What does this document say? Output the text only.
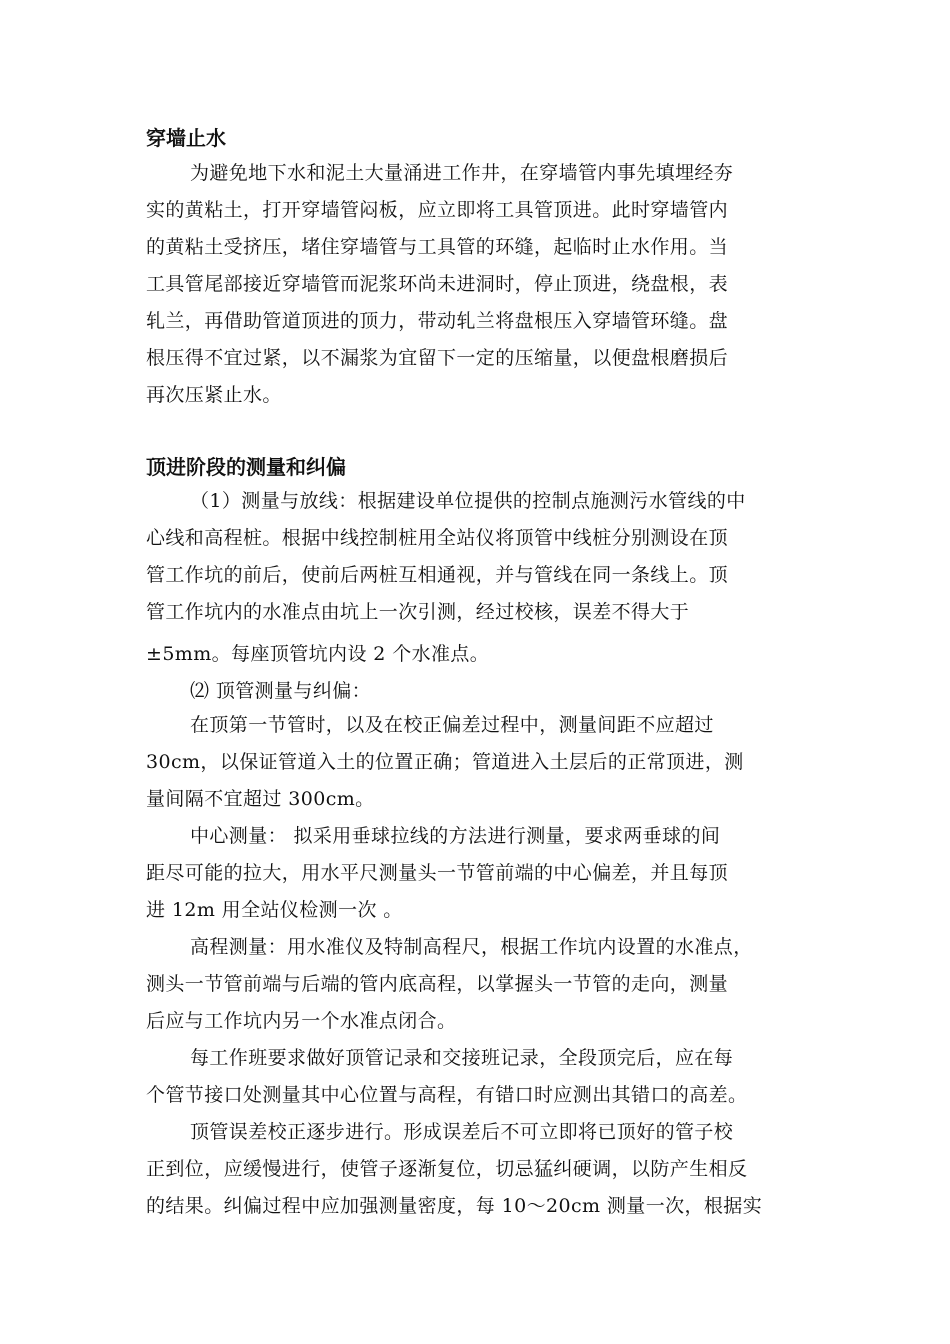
穿墙止水
为避免地下水和泥土大量涌进工作井，在穿墙管内事先填埋经夯
实的黄粘土，打开穿墙管闷板，应立即将工具管顶进。此时穿墙管内
的黄粘土受挤压，堵住穿墙管与工具管的环缝，起临时止水作用。当
工具管尾部接近穿墙管而泥浆环尚未进洞时，停止顶进，绕盘根，表
轧兰，再借助管道顶进的顶力，带动轧兰将盘根压入穿墙管环缝。盘
根压得不宜过紧，以不漏浆为宜留下一定的压缩量，以便盘根磨损后
再次压紧止水。
顶进阶段的测量和纠偏
（1）测量与放线：根据建设单位提供的控制点施测污水管线的中
心线和高程桩。根据中线控制桩用全站仪将顶管中线桩分别测设在顶
管工作坑的前后，使前后两桩互相通视，并与管线在同一条线上。顶
管工作坑内的水准点由坑上一次引测，经过校核，误差不得大于
±5mm。每座顶管坑内设 2 个水准点。
⑵ 顶管测量与纠偏：
在顶第一节管时，以及在校正偏差过程中，测量间距不应超过
30cm，以保证管道入土的位置正确；管道进入土层后的正常顶进，测
量间隔不宜超过 300cm。
中心测量： 拟采用垂球拉线的方法进行测量，要求两垂球的间
距尽可能的拉大，用水平尺测量头一节管前端的中心偏差，并且每顶
进 12m 用全站仪检测一次 。
高程测量：用水准仪及特制高程尺，根据工作坑内设置的水准点，
测头一节管前端与后端的管内底高程，以掌握头一节管的走向，测量
后应与工作坑内另一个水准点闭合。
每工作班要求做好顶管记录和交接班记录，全段顶完后，应在每
个管节接口处测量其中心位置与高程，有错口时应测出其错口的高差。
顶管误差校正逐步进行。形成误差后不可立即将已顶好的管子校
正到位，应缓慢进行，使管子逐渐复位，切忌猛纠硬调，以防产生相反
的结果。纠偏过程中应加强测量密度，每 10～20cm 测量一次，根据实
